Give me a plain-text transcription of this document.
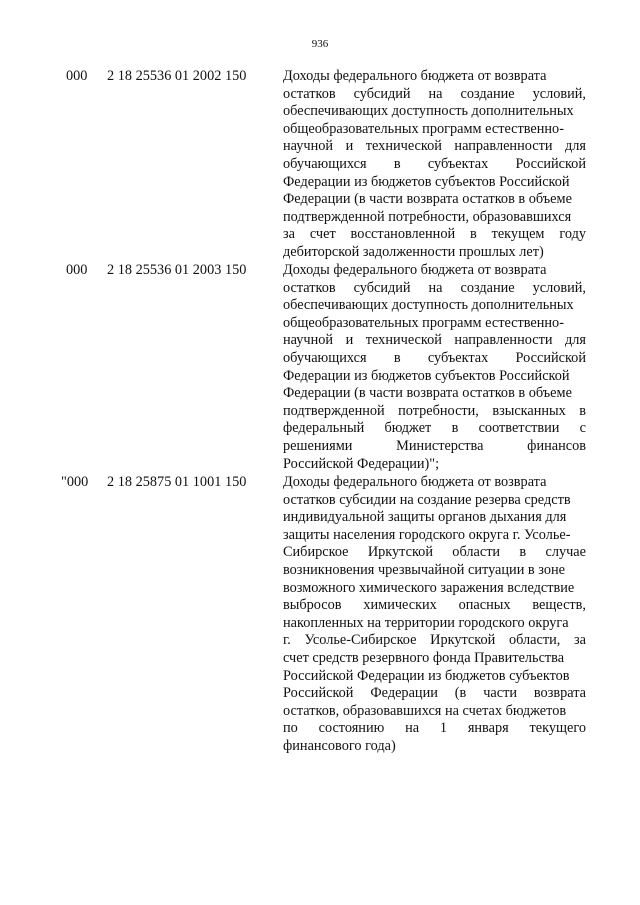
936
000 2 18 25536 01 2002 150	Доходы федерального бюджета от возврата
остатков субсидий на создание условий,
обеспечивающих доступность дополнительных
общеобразовательных программ естественно-
научной и технической направленности для
обучающихся в субъектах Российской
Федерации из бюджетов субъектов Российской
Федерации (в части возврата остатков в объеме
подтвержденной потребности, образовавшихся
за счет восстановленной в текущем году
дебиторской задолженности прошлых лет)
000 2 18 25536 01 2003 150	Доходы федерального бюджета от возврата
остатков субсидий на создание условий,
обеспечивающих доступность дополнительных
общеобразовательных программ естественно-
научной и технической направленности для
обучающихся в субъектах Российской
Федерации из бюджетов субъектов Российской
Федерации (в части возврата остатков в объеме
подтвержденной потребности, взысканных в
федеральный бюджет в соответствии с
решениями Министерства финансов
Российской Федерации)";
"000 2 18 25875 01 1001 150	Доходы федерального бюджета от возврата
остатков субсидии на создание резерва средств
индивидуальной защиты органов дыхания для
защиты населения городского округа г. Усолье-
Сибирское Иркутской области в случае
возникновения чрезвычайной ситуации в зоне
возможного химического заражения вследствие
выбросов химических опасных веществ,
накопленных на территории городского округа
г. Усолье-Сибирское Иркутской области, за
счет средств резервного фонда Правительства
Российской Федерации из бюджетов субъектов
Российской Федерации (в части возврата
остатков, образовавшихся на счетах бюджетов
по состоянию на 1 января текущего
финансового года)
